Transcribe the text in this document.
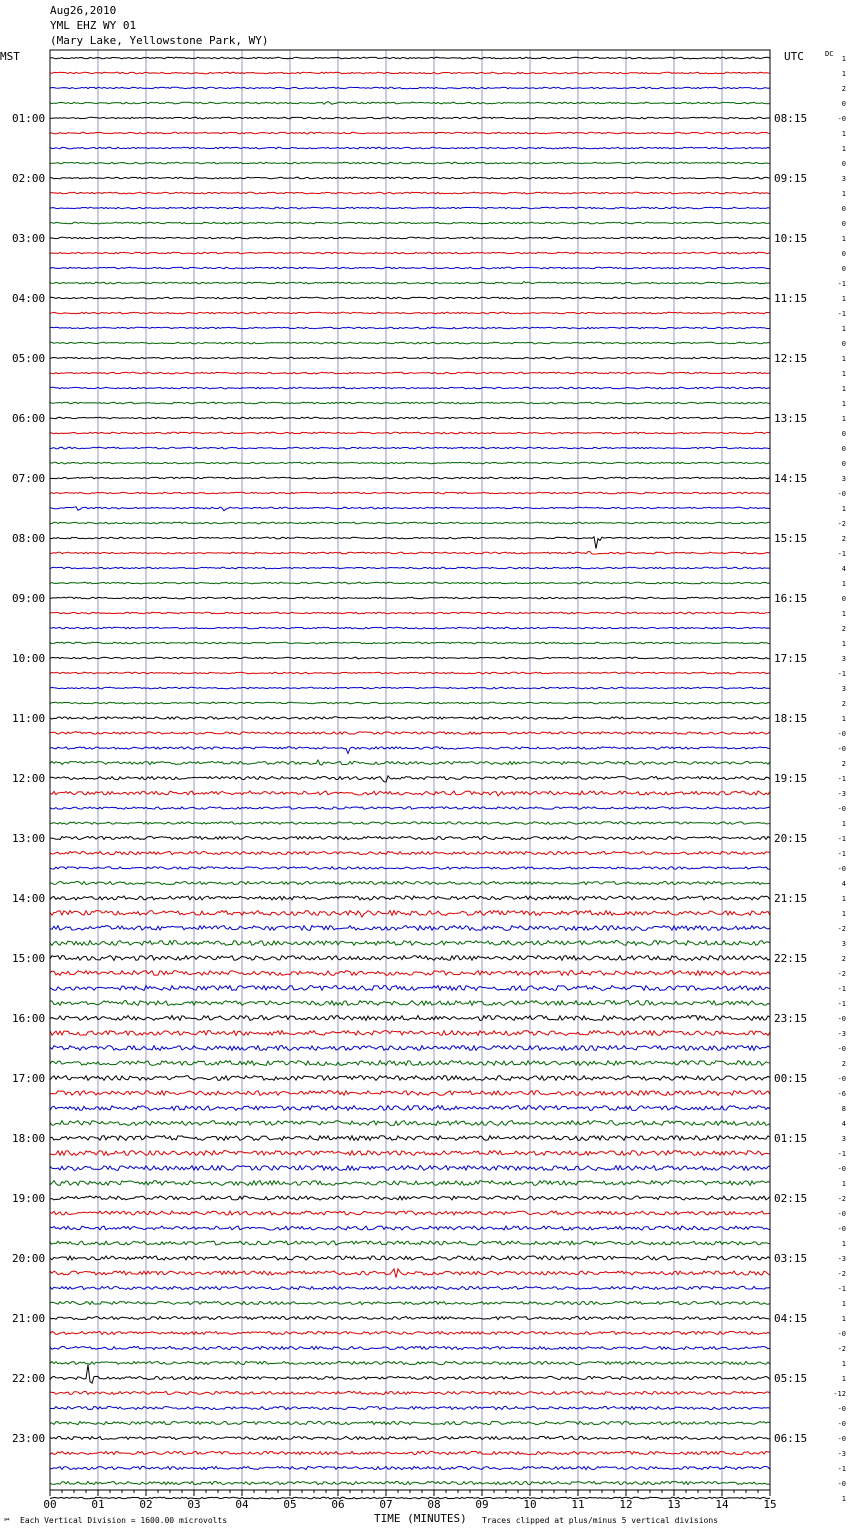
Aug26,2010
YML EHZ WY 01
(Mary Lake, Yellowstone Park, WY)
MST	UTC	DC
01:00
02:00
03:00
04:00
05:00
06:00
07:00
08:00
09:00
10:00
11:00
12:00
13:00
14:00
15:00
16:00
17:00
18:00
19:00
20:00
21:00
22:00
23:00
08:15
09:15
10:15
11:15
12:15
13:15
14:15
15:15
16:15
17:15
18:15
19:15
20:15
21:15
22:15
23:15
00:15
01:15
02:15
03:15
04:15
05:15
06:15
1
1
2
0
-0
1
1
0
3
1
0
0
1
0
0
-1
1
-1
1
0
1
1
1
1
1
0
0
0
3
-0
1
-2
2
-1
4
1
0
1
2
1
3
-1
3
2
1
-0
-0
2
-1
-3
-0
1
-1
-1
-0
4
1
1
-2
3
2
-2
-1
-1
-0
-3
-0
2
-0
-6
8
4
3
-1
-0
1
-2
-0
-0
1
-3
-2
-1
1
1
-0
-2
1
1
-12
-0
-0
-0
-3
-1
-0
1
00	01	02	03	04	05	06	07	08	09	10	11	12	13	14	15
TIME (MINUTES)
℠ Each Vertical Division = 1600.00 microvolts	Traces clipped at plus/minus 5 vertical divisions
